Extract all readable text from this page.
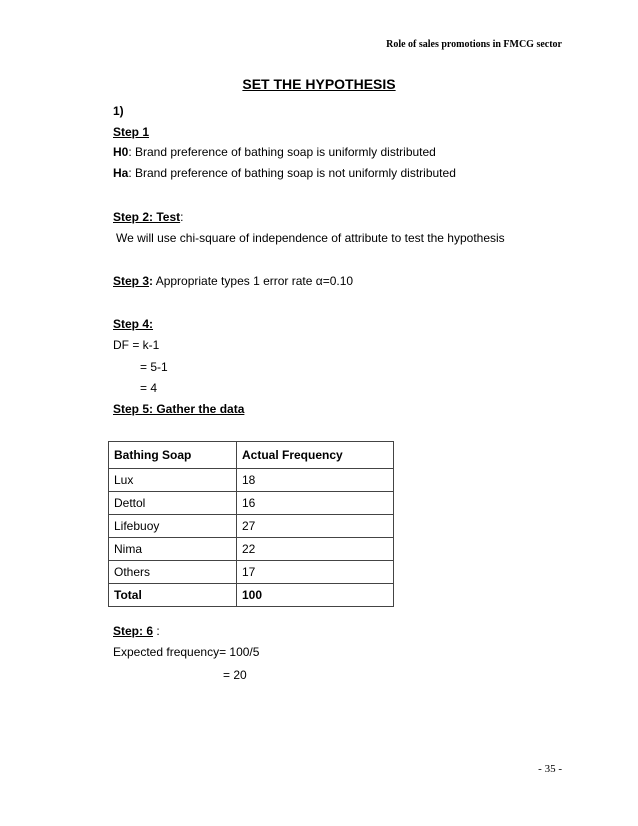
Role of sales promotions in FMCG sector
SET THE HYPOTHESIS
1)
Step 1
H0: Brand preference of bathing soap is uniformly distributed
Ha: Brand preference of bathing soap is not uniformly distributed
Step 2: Test:
We will use chi-square of independence of attribute to test the hypothesis
Step 3: Appropriate types 1 error rate α=0.10
Step 4:
DF = k-1
= 5-1
= 4
Step 5: Gather the data
Bathing Soap	Actual Frequency
Lux	18
Dettol	16
Lifebuoy	27
Nima	22
Others	17
Total	100
Step: 6 :
Expected frequency= 100/5
= 20
- 35 -
